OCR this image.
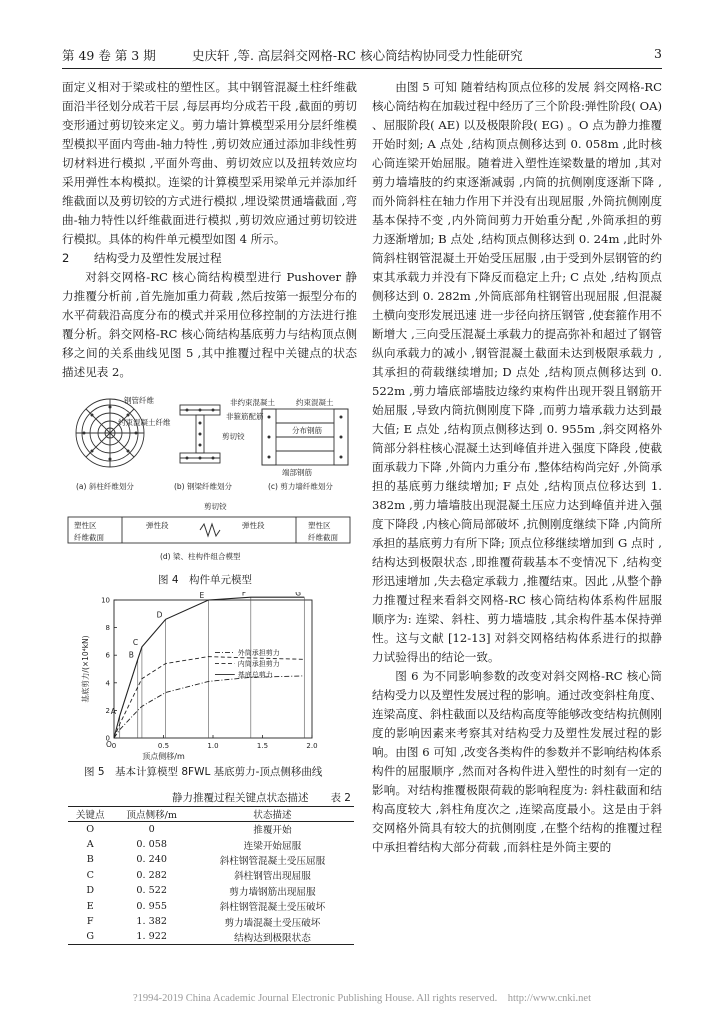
第 49 卷 第 3 期	史庆轩 ,等. 高层斜交网格-RC 核心筒结构协同受力性能研究	3

面定义相对于梁或柱的塑性区。其中钢管混凝土柱纤维截面沿半径划分成若干层 ,每层再均分成若干段 ,截面的剪切变形通过剪切铰来定义。剪力墙计算模型采用分层纤维模型模拟平面内弯曲-轴力特性 ,剪切效应通过添加非线性剪切材料进行模拟 ,平面外弯曲、剪切效应以及扭转效应均采用弹性本构模拟。连梁的计算模型采用梁单元并添加纤维截面以及剪切铰的方式进行模拟 ,埋设梁贯通墙截面 ,弯曲-轴力特性以纤维截面进行模拟 ,剪切效应通过剪切铰进行模拟。具体的构件单元模型如图 4 所示。

2 结构受力及塑性发展过程

对斜交网格-RC 核心筒结构模型进行 Pushover 静力推覆分析前 ,首先施加重力荷载 ,然后按第一振型分布的水平荷载沿高度分布的模式并采用位移控制的方法进行推覆分析。斜交网格-RC 核心筒结构基底剪力与结构顶点侧移之间的关系曲线见图 5 ,其中推覆过程中关键点的状态描述见表 2。

钢管纤维
约束混凝土纤维
剪切铰
非约束混凝土	约束混凝土
分布钢筋
端部钢筋
非箍筋配筋
剪切铰
塑性区
纤维截面
弹性段	弹性段	塑性区
纤维截面
(a) 斜柱纤维划分	(b) 钢梁纤维划分	(c) 剪力墙纤维划分
(d) 梁、柱构件组合模型
图 4　构件单元模型
0	0.5	1.0	1.5	2.0
0
2
4
6
8
10
O
A
B
C
D
E	F	G
外筒承担剪力
内筒承担剪力
基底总剪力
基底剪力/(×10⁴kN)
顶点侧移/m
图 5　基本计算模型 8FWL 基底剪力-顶点侧移曲线
静力推覆过程关键点状态描述 表 2
关键点	顶点侧移/m	状态描述
O	0	推覆开始
A	0. 058	连梁开始屈服
B	0. 240	斜柱钢管混凝土受压屈服
C	0. 282	斜柱钢管出现屈服
D	0. 522	剪力墙钢筋出现屈服
E	0. 955	斜柱钢管混凝土受压破坏
F	1. 382	剪力墙混凝土受压破坏
G	1. 922	结构达到极限状态

由图 5 可知 随着结构顶点位移的发展 斜交网格-RC 核心筒结构在加载过程中经历了三个阶段:弹性阶段( OA) 、屈服阶段( AE) 以及极限阶段( EG) 。O 点为静力推覆开始时刻; A 点处 ,结构顶点侧移达到 0. 058m ,此时核心筒连梁开始屈服。随着进入塑性连梁数量的增加 ,其对剪力墙墙肢的约束逐渐减弱 ,内筒的抗侧刚度逐渐下降 ,而外筒斜柱在轴力作用下并没有出现屈服 ,外筒抗侧刚度基本保持不变 ,内外筒间剪力开始重分配 ,外筒承担的剪力逐渐增加; B 点处 ,结构顶点侧移达到 0. 24m ,此时外筒斜柱钢管混凝土开始受压屈服 ,由于受到外层钢管的约束其承载力并没有下降反而稳定上升; C 点处 ,结构顶点侧移达到 0. 282m ,外筒底部角柱钢管出现屈服 ,但混凝土横向变形发展迅速 进一步径向挤压钢管 ,使套箍作用不断增大 ,三向受压混凝土承载力的提高弥补和超过了钢管纵向承载力的减小 ,钢管混凝土截面未达到极限承载力 ,其承担的荷载继续增加; D 点处 ,结构顶点侧移达到 0. 522m ,剪力墙底部墙肢边缘约束构件出现开裂且钢筋开始屈服 ,导致内筒抗侧刚度下降 ,而剪力墙承载力达到最大值; E 点处 ,结构顶点侧移达到 0. 955m ,斜交网格外筒部分斜柱核心混凝土达到峰值并进入强度下降段 ,使截面承载力下降 ,外筒内力重分布 ,整体结构尚完好 ,外筒承担的基底剪力继续增加; F 点处 ,结构顶点位移达到 1. 382m ,剪力墙墙肢出现混凝土压应力达到峰值并进入强度下降段 ,内核心筒局部破坏 ,抗侧刚度继续下降 ,内筒所承担的基底剪力有所下降; 顶点位移继续增加到 G 点时 ,结构达到极限状态 ,即推覆荷载基本不变情况下 ,结构变形迅速增加 ,失去稳定承载力 ,推覆结束。因此 ,从整个静力推覆过程来看斜交网格-RC 核心筒结构体系构件屈服顺序为: 连梁、斜柱、剪力墙墙肢 ,其余构件基本保持弹性。这与文献 [12-13] 对斜交网格结构体系进行的拟静力试验得出的结论一致。

图 6 为不同影响参数的改变对斜交网格-RC 核心筒结构受力以及塑性发展过程的影响。通过改变斜柱角度、连梁高度、斜柱截面以及结构高度等能够改变结构抗侧刚度的影响因素来考察其对结构受力及塑性发展过程的影响。由图 6 可知 ,改变各类构件的参数并不影响结构体系构件的屈服顺序 ,然而对各构件进入塑性的时刻有一定的影响。对结构推覆极限荷载的影响程度为: 斜柱截面和结构高度较大 ,斜柱角度次之 ,连梁高度最小。这是由于斜交网格外筒具有较大的抗侧刚度 ,在整个结构的推覆过程中承担着结构大部分荷载 ,而斜柱是外筒主要的

?1994-2019 China Academic Journal Electronic Publishing House. All rights reserved.　http://www.cnki.net
